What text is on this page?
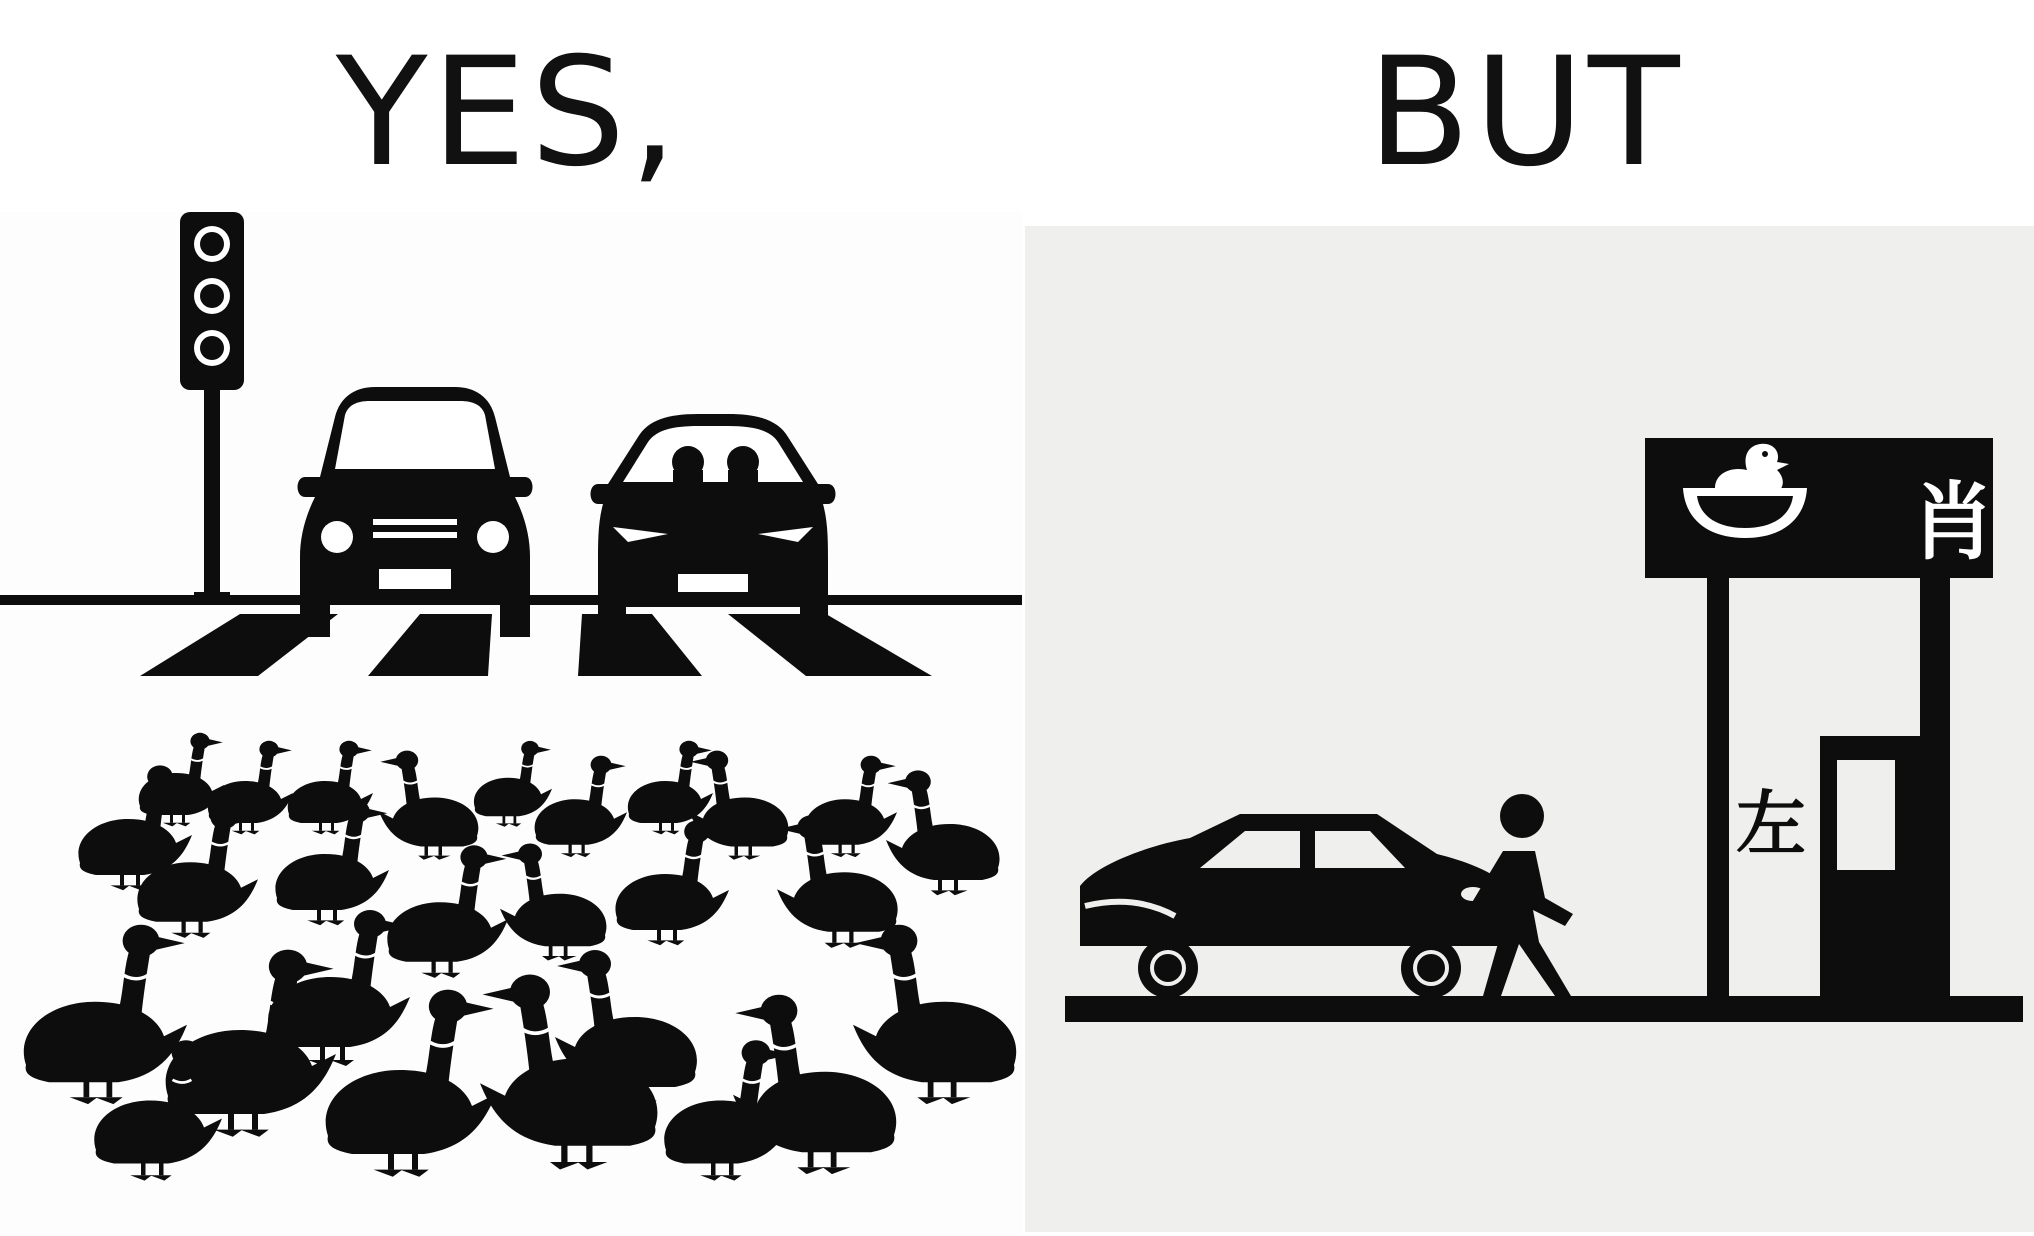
YES,	BUT
肖
左
